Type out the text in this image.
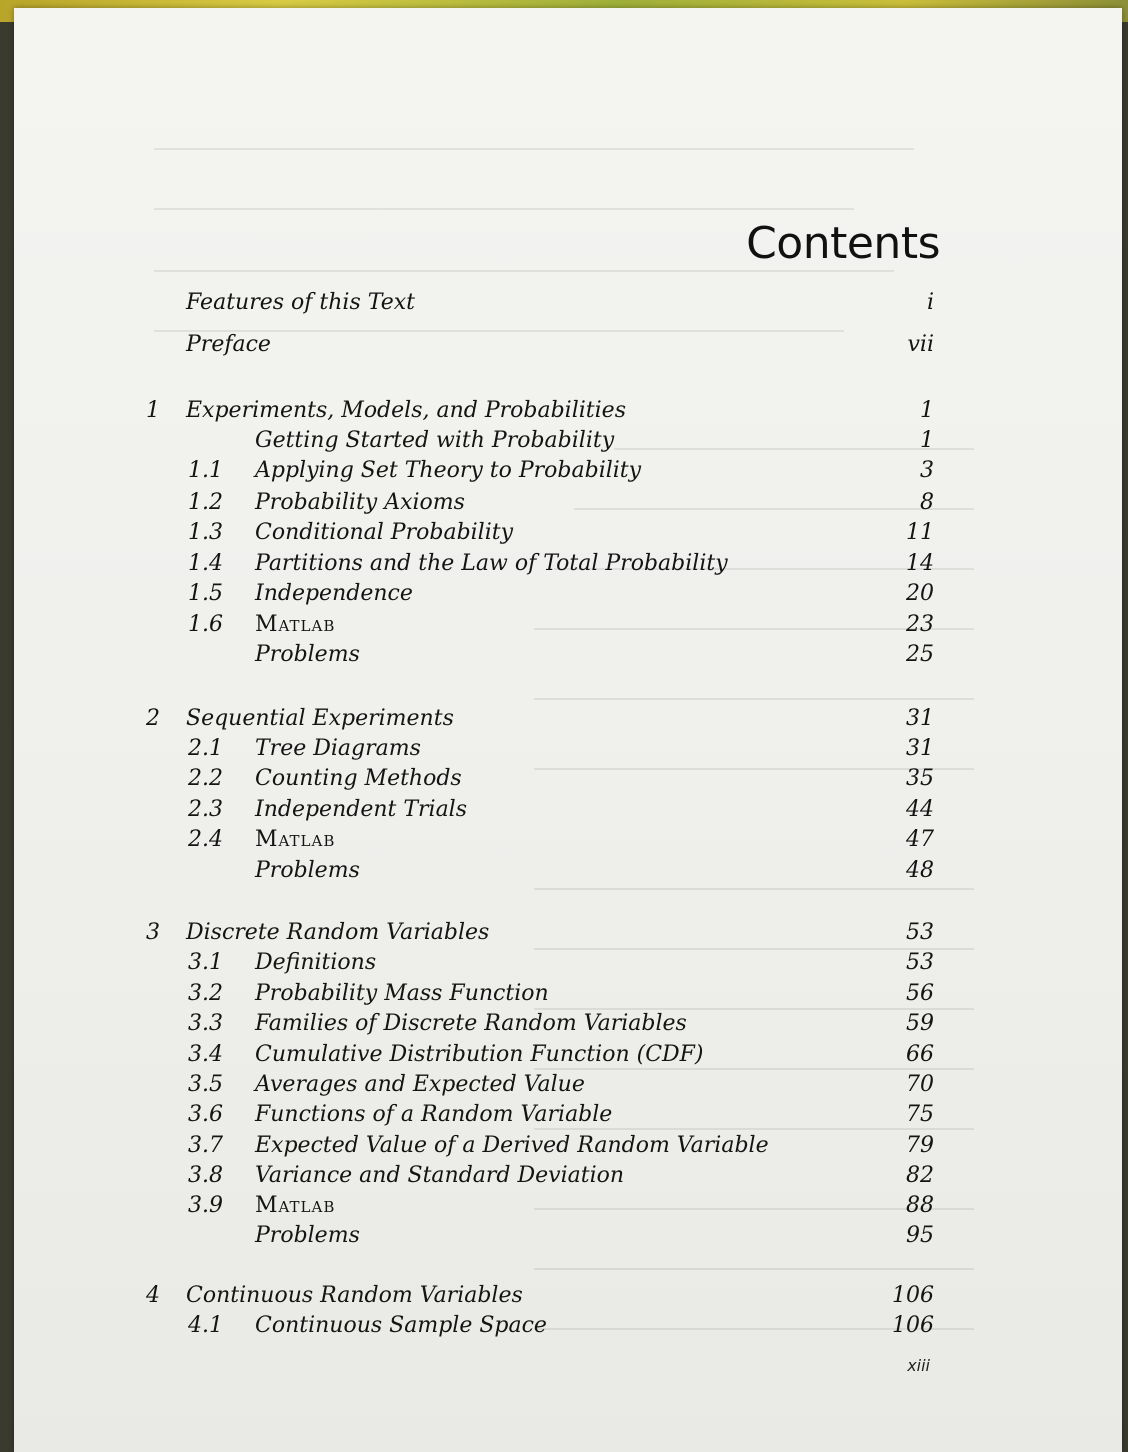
Contents
Features of this Text	i
Preface	vii
1 Experiments, Models, and Probabilities	1
Getting Started with Probability	1
1.1 Applying Set Theory to Probability	3
1.2 Probability Axioms	8
1.3 Conditional Probability	11
1.4 Partitions and the Law of Total Probability	14
1.5 Independence	20
1.6 Matlab	23
Problems	25
2 Sequential Experiments	31
2.1 Tree Diagrams	31
2.2 Counting Methods	35
2.3 Independent Trials	44
2.4 Matlab	47
Problems	48
3 Discrete Random Variables	53
3.1 Definitions	53
3.2 Probability Mass Function	56
3.3 Families of Discrete Random Variables	59
3.4 Cumulative Distribution Function (CDF)	66
3.5 Averages and Expected Value	70
3.6 Functions of a Random Variable	75
3.7 Expected Value of a Derived Random Variable	79
3.8 Variance and Standard Deviation	82
3.9 Matlab	88
Problems	95
4 Continuous Random Variables	106
4.1 Continuous Sample Space	106
xiii
